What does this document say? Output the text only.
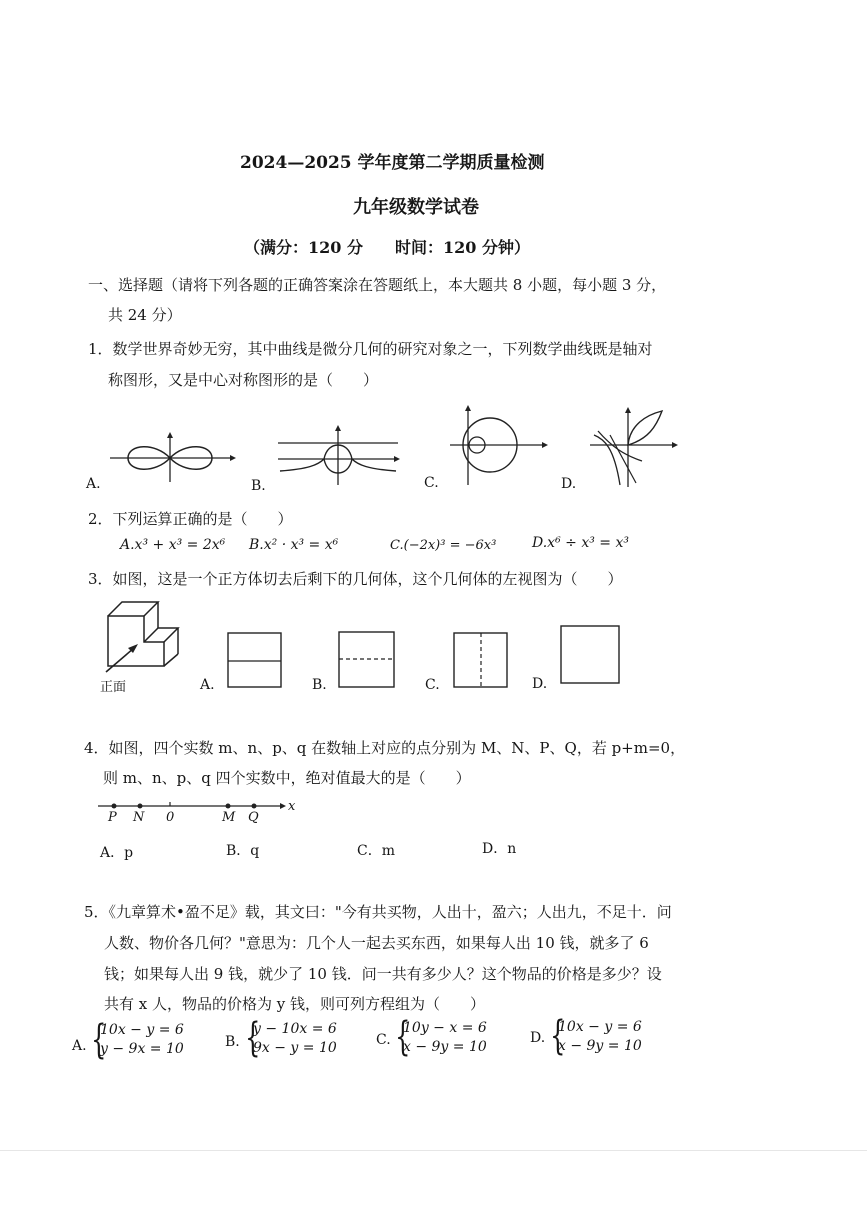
2024—2025 学年度第二学期质量检测
九年级数学试卷
（满分：120 分　　时间：120 分钟）
一、选择题（请将下列各题的正确答案涂在答题纸上，本大题共 8 小题，每小题 3 分，
共 24 分）
1．数学世界奇妙无穷，其中曲线是微分几何的研究对象之一，下列数学曲线既是轴对
称图形，又是中心对称图形的是（　　）
A.	B.	C.	D.
2．下列运算正确的是（　　）
A.x³ + x³ = 2x⁶ B.x² · x³ = x⁶	C.(−2x)³ = −6x³	D.x⁶ ÷ x³ = x³
3．如图，这是一个正方体切去后剩下的几何体，这个几何体的左视图为（　　）
正面	A.	B.	C.	D.
4．如图，四个实数 m、n、p、q 在数轴上对应的点分别为 M、N、P、Q，若 p+m=0，
则 m、n、p、q 四个实数中，绝对值最大的是（　　）
P N 0	M Q
x
A．p	B．q	C．m	D．n
5．《九章算术•盈不足》载，其文曰："今有共买物，人出十，盈六；人出九，不足十．问
人数、物价各几何？"意思为：几个人一起去买东西，如果每人出 10 钱，就多了 6
钱；如果每人出 9 钱，就少了 10 钱．问一共有多少人？这个物品的价格是多少？设
共有 x 人，物品的价格为 y 钱，则可列方程组为（　　）
A. {
10x − y = 6
y − 9x = 10	B. {
y − 10x = 6
9x − y = 10	C. {
10y − x = 6
x − 9y = 10
D. {
10x − y = 6
x − 9y = 10
